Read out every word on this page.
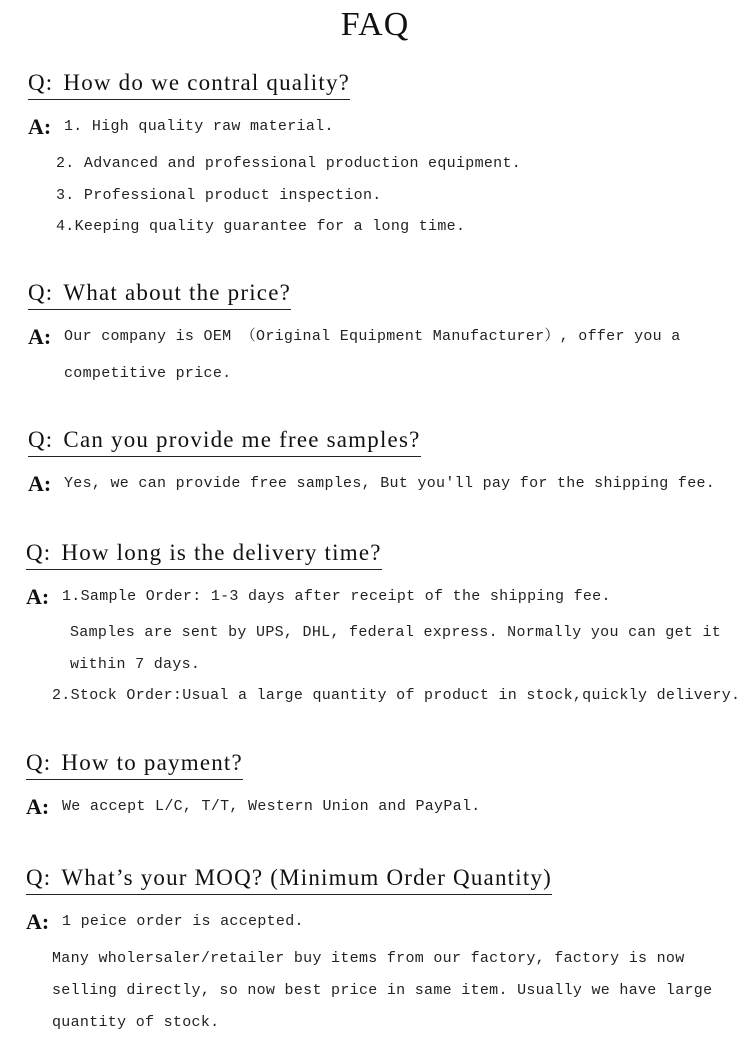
FAQ
Q: How do we contral quality?
A: 1. High quality raw material.
2. Advanced and professional production equipment.
3. Professional product inspection.
4.Keeping quality guarantee for a long time.
Q: What about the price?
A: Our company is OEM （Original Equipment Manufacturer）, offer you a
competitive price.
Q: Can you provide me free samples?
A: Yes, we can provide free samples, But you'll pay for the shipping fee.
Q: How long is the delivery time?
A: 1.Sample Order: 1-3 days after receipt of the shipping fee.
Samples are sent by UPS, DHL, federal express. Normally you can get it
within 7 days.
2.Stock Order:Usual a large quantity of product in stock,quickly delivery.
Q: How to payment?
A: We accept L/C, T/T, Western Union and PayPal.
Q: What’s your MOQ? (Minimum Order Quantity)
A: 1 peice order is accepted.
Many wholersaler/retailer buy items from our factory, factory is now
selling directly, so now best price in same item. Usually we have large
quantity of stock.
